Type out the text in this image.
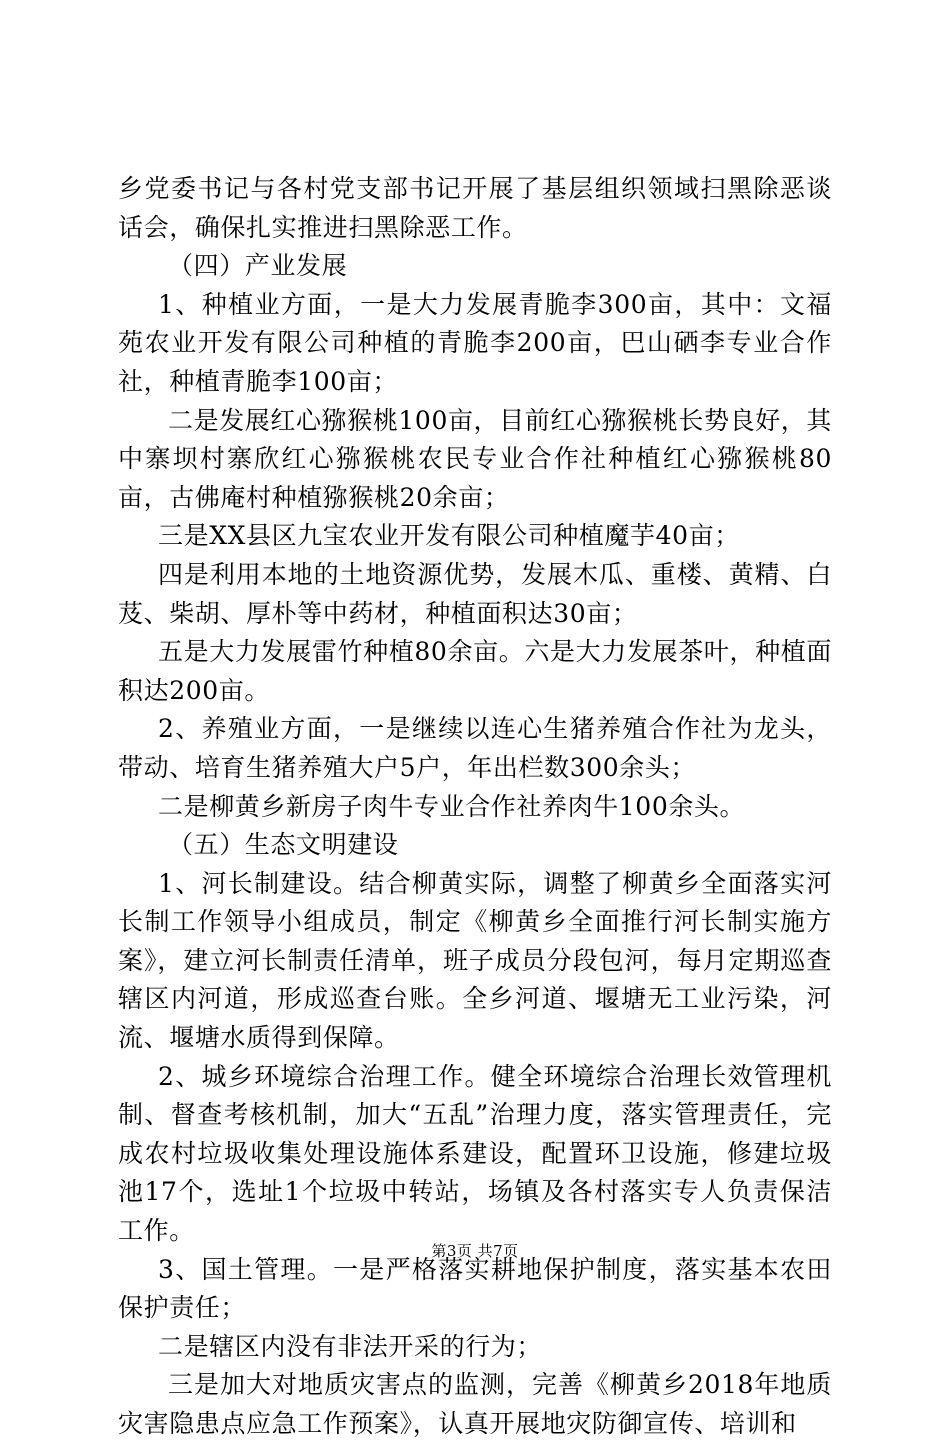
乡党委书记与各村党支部书记开展了基层组织领域扫黑除恶谈话会，确保扎实推进扫黑除恶工作。

（四）产业发展

1、种植业方面，一是大力发展青脆李300亩，其中：文福苑农业开发有限公司种植的青脆李200亩，巴山硒李专业合作社，种植青脆李100亩；

二是发展红心猕猴桃100亩，目前红心猕猴桃长势良好，其中寨坝村寨欣红心猕猴桃农民专业合作社种植红心猕猴桃80亩，古佛庵村种植猕猴桃20余亩；

三是XX县区九宝农业开发有限公司种植魔芋40亩；

四是利用本地的土地资源优势，发展木瓜、重楼、黄精、白芨、柴胡、厚朴等中药材，种植面积达30亩；

五是大力发展雷竹种植80余亩。六是大力发展茶叶，种植面积达200亩。

2、养殖业方面，一是继续以连心生猪养殖合作社为龙头，带动、培育生猪养殖大户5户，年出栏数300余头；

二是柳黄乡新房子肉牛专业合作社养肉牛100余头。

（五）生态文明建设

1、河长制建设。结合柳黄实际，调整了柳黄乡全面落实河长制工作领导小组成员，制定《柳黄乡全面推行河长制实施方案》，建立河长制责任清单，班子成员分段包河，每月定期巡查辖区内河道，形成巡查台账。全乡河道、堰塘无工业污染，河流、堰塘水质得到保障。

2、城乡环境综合治理工作。健全环境综合治理长效管理机制、督查考核机制，加大“五乱”治理力度，落实管理责任，完成农村垃圾收集处理设施体系建设，配置环卫设施，修建垃圾池17个，选址1个垃圾中转站，场镇及各村落实专人负责保洁工作。

3、国土管理。一是严格落实耕地保护制度，落实基本农田保护责任；

二是辖区内没有非法开采的行为；

三是加大对地质灾害点的监测，完善《柳黄乡2018年地质灾害隐患点应急工作预案》，认真开展地灾防御宣传、培训和

第3页 共7页
